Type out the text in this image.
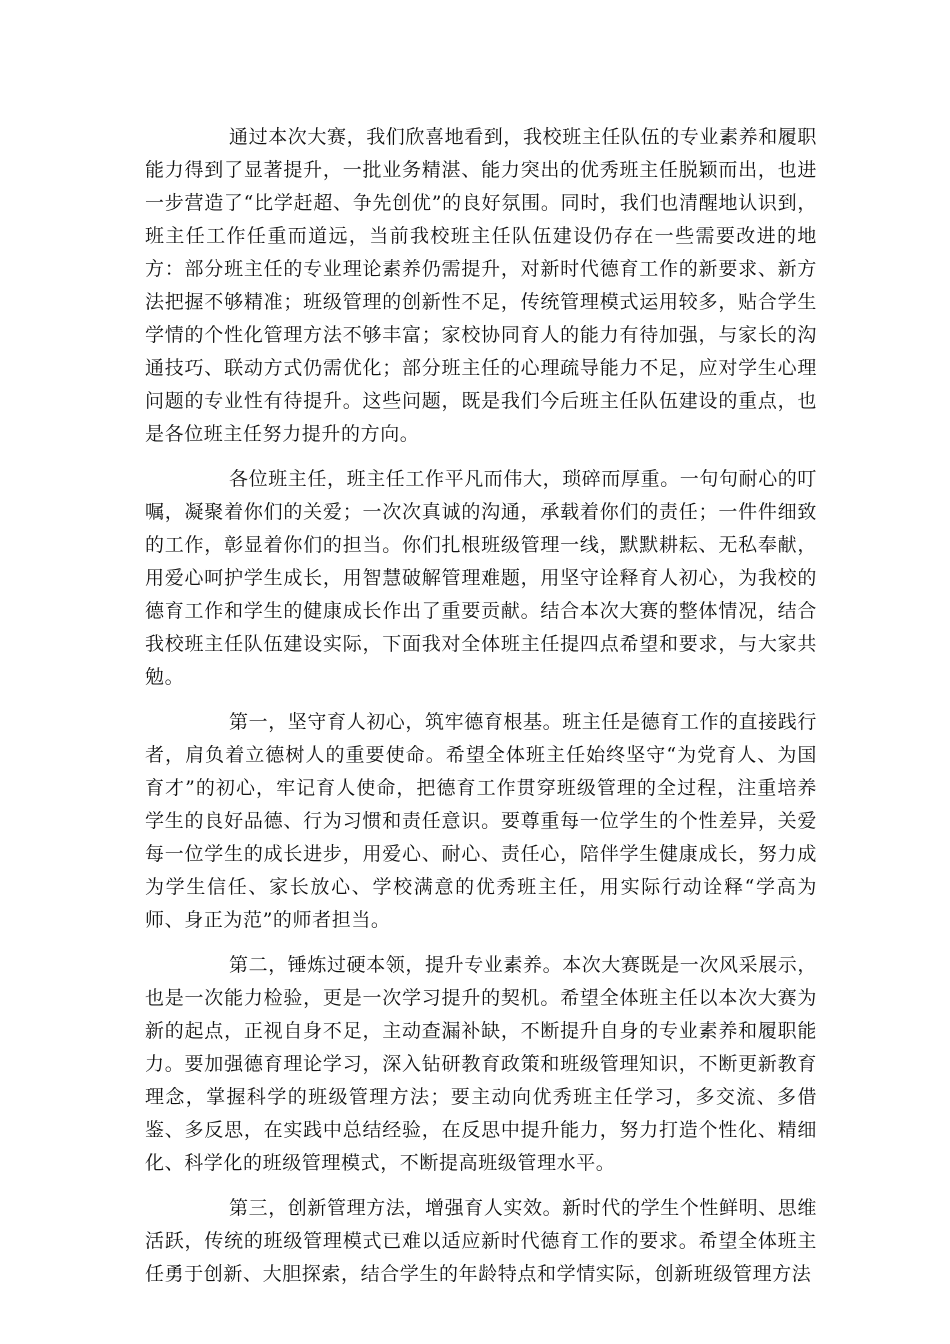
通过本次大赛，我们欣喜地看到，我校班主任队伍的专业素养和履职能力得到了显著提升，一批业务精湛、能力突出的优秀班主任脱颖而出，也进一步营造了“比学赶超、争先创优”的良好氛围。同时，我们也清醒地认识到，班主任工作任重而道远，当前我校班主任队伍建设仍存在一些需要改进的地方：部分班主任的专业理论素养仍需提升，对新时代德育工作的新要求、新方法把握不够精准；班级管理的创新性不足，传统管理模式运用较多，贴合学生学情的个性化管理方法不够丰富；家校协同育人的能力有待加强，与家长的沟通技巧、联动方式仍需优化；部分班主任的心理疏导能力不足，应对学生心理问题的专业性有待提升。这些问题，既是我们今后班主任队伍建设的重点，也是各位班主任努力提升的方向。

各位班主任，班主任工作平凡而伟大，琐碎而厚重。一句句耐心的叮嘱，凝聚着你们的关爱；一次次真诚的沟通，承载着你们的责任；一件件细致的工作，彰显着你们的担当。你们扎根班级管理一线，默默耕耘、无私奉献，用爱心呵护学生成长，用智慧破解管理难题，用坚守诠释育人初心，为我校的德育工作和学生的健康成长作出了重要贡献。结合本次大赛的整体情况，结合我校班主任队伍建设实际，下面我对全体班主任提四点希望和要求，与大家共勉。

第一，坚守育人初心，筑牢德育根基。班主任是德育工作的直接践行者，肩负着立德树人的重要使命。希望全体班主任始终坚守“为党育人、为国育才”的初心，牢记育人使命，把德育工作贯穿班级管理的全过程，注重培养学生的良好品德、行为习惯和责任意识。要尊重每一位学生的个性差异，关爱每一位学生的成长进步，用爱心、耐心、责任心，陪伴学生健康成长，努力成为学生信任、家长放心、学校满意的优秀班主任，用实际行动诠释“学高为师、身正为范”的师者担当。

第二，锤炼过硬本领，提升专业素养。本次大赛既是一次风采展示，也是一次能力检验，更是一次学习提升的契机。希望全体班主任以本次大赛为新的起点，正视自身不足，主动查漏补缺，不断提升自身的专业素养和履职能力。要加强德育理论学习，深入钻研教育政策和班级管理知识，不断更新教育理念，掌握科学的班级管理方法；要主动向优秀班主任学习，多交流、多借鉴、多反思，在实践中总结经验，在反思中提升能力，努力打造个性化、精细化、科学化的班级管理模式，不断提高班级管理水平。

第三，创新管理方法，增强育人实效。新时代的学生个性鲜明、思维活跃，传统的班级管理模式已难以适应新时代德育工作的要求。希望全体班主任勇于创新、大胆探索，结合学生的年龄特点和学情实际，创新班级管理方法
